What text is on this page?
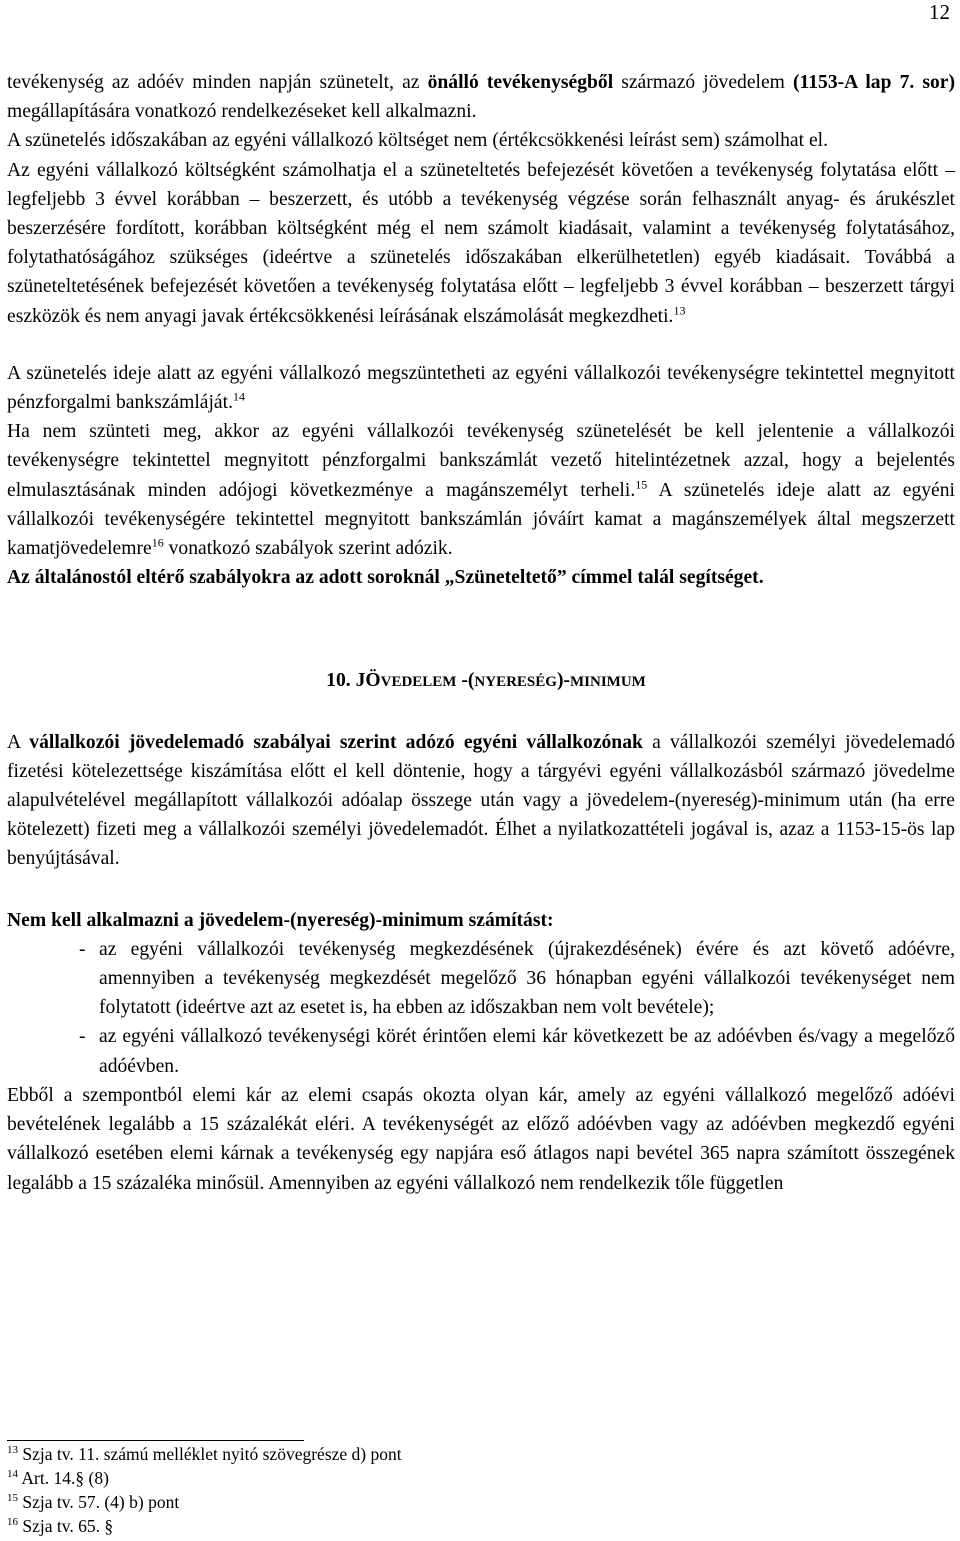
12

tevékenység az adóév minden napján szünetelt, az önálló tevékenységből származó jövedelem (1153-A lap 7. sor) megállapítására vonatkozó rendelkezéseket kell alkalmazni.

A szünetelés időszakában az egyéni vállalkozó költséget nem (értékcsökkenési leírást sem) számolhat el.

Az egyéni vállalkozó költségként számolhatja el a szüneteltetés befejezését követően a tevékenység folytatása előtt – legfeljebb 3 évvel korábban – beszerzett, és utóbb a tevékenység végzése során felhasznált anyag- és árukészlet beszerzésére fordított, korábban költségként még el nem számolt kiadásait, valamint a tevékenység folytatásához, folytathatóságához szükséges (ideértve a szünetelés időszakában elkerülhetetlen) egyéb kiadásait. Továbbá a szüneteltetésének befejezését követően a tevékenység folytatása előtt – legfeljebb 3 évvel korábban – beszerzett tárgyi eszközök és nem anyagi javak értékcsökkenési leírásának elszámolását megkezdheti.$^{13}$

A szünetelés ideje alatt az egyéni vállalkozó megszüntetheti az egyéni vállalkozói tevékenységre tekintettel megnyitott pénzforgalmi bankszámláját.$^{14}$

Ha nem szünteti meg, akkor az egyéni vállalkozói tevékenység szünetelését be kell jelentenie a vállalkozói tevékenységre tekintettel megnyitott pénzforgalmi bankszámlát vezető hitelintézetnek azzal, hogy a bejelentés elmulasztásának minden adójogi következménye a magánszemélyt terheli.$^{15}$ A szünetelés ideje alatt az egyéni vállalkozói tevékenységére tekintettel megnyitott bankszámlán jóváírt kamat a magánszemélyek által megszerzett kamatjövedelemre$^{16}$ vonatkozó szabályok szerint adózik.

Az általánostól eltérő szabályokra az adott soroknál „Szüneteltető” címmel talál segítséget.

10. JÖVEDELEM -(NYERESÉG)-MINIMUM

A vállalkozói jövedelemadó szabályai szerint adózó egyéni vállalkozónak a vállalkozói személyi jövedelemadó fizetési kötelezettsége kiszámítása előtt el kell döntenie, hogy a tárgyévi egyéni vállalkozásból származó jövedelme alapulvételével megállapított vállalkozói adóalap összege után vagy a jövedelem-(nyereség)-minimum után (ha erre kötelezett) fizeti meg a vállalkozói személyi jövedelemadót. Élhet a nyilatkozattételi jogával is, azaz a 1153-15-ös lap benyújtásával.

Nem kell alkalmazni a jövedelem-(nyereség)-minimum számítást:

- az egyéni vállalkozói tevékenység megkezdésének (újrakezdésének) évére és azt követő adóévre, amennyiben a tevékenység megkezdését megelőző 36 hónapban egyéni vállalkozói tevékenységet nem folytatott (ideértve azt az esetet is, ha ebben az időszakban nem volt bevétele);
- az egyéni vállalkozó tevékenységi körét érintően elemi kár következett be az adóévben és/vagy a megelőző adóévben.

Ebből a szempontból elemi kár az elemi csapás okozta olyan kár, amely az egyéni vállalkozó megelőző adóévi bevételének legalább a 15 százalékát eléri. A tevékenységét az előző adóévben vagy az adóévben megkezdő egyéni vállalkozó esetében elemi kárnak a tevékenység egy napjára eső átlagos napi bevétel 365 napra számított összegének legalább a 15 százaléka minősül. Amennyiben az egyéni vállalkozó nem rendelkezik tőle független

$^{13}$ Szja tv. 11. számú melléklet nyitó szövegrésze d) pont
$^{14}$ Art. 14.§ (8)
$^{15}$ Szja tv. 57. (4) b) pont
$^{16}$ Szja tv. 65. §
